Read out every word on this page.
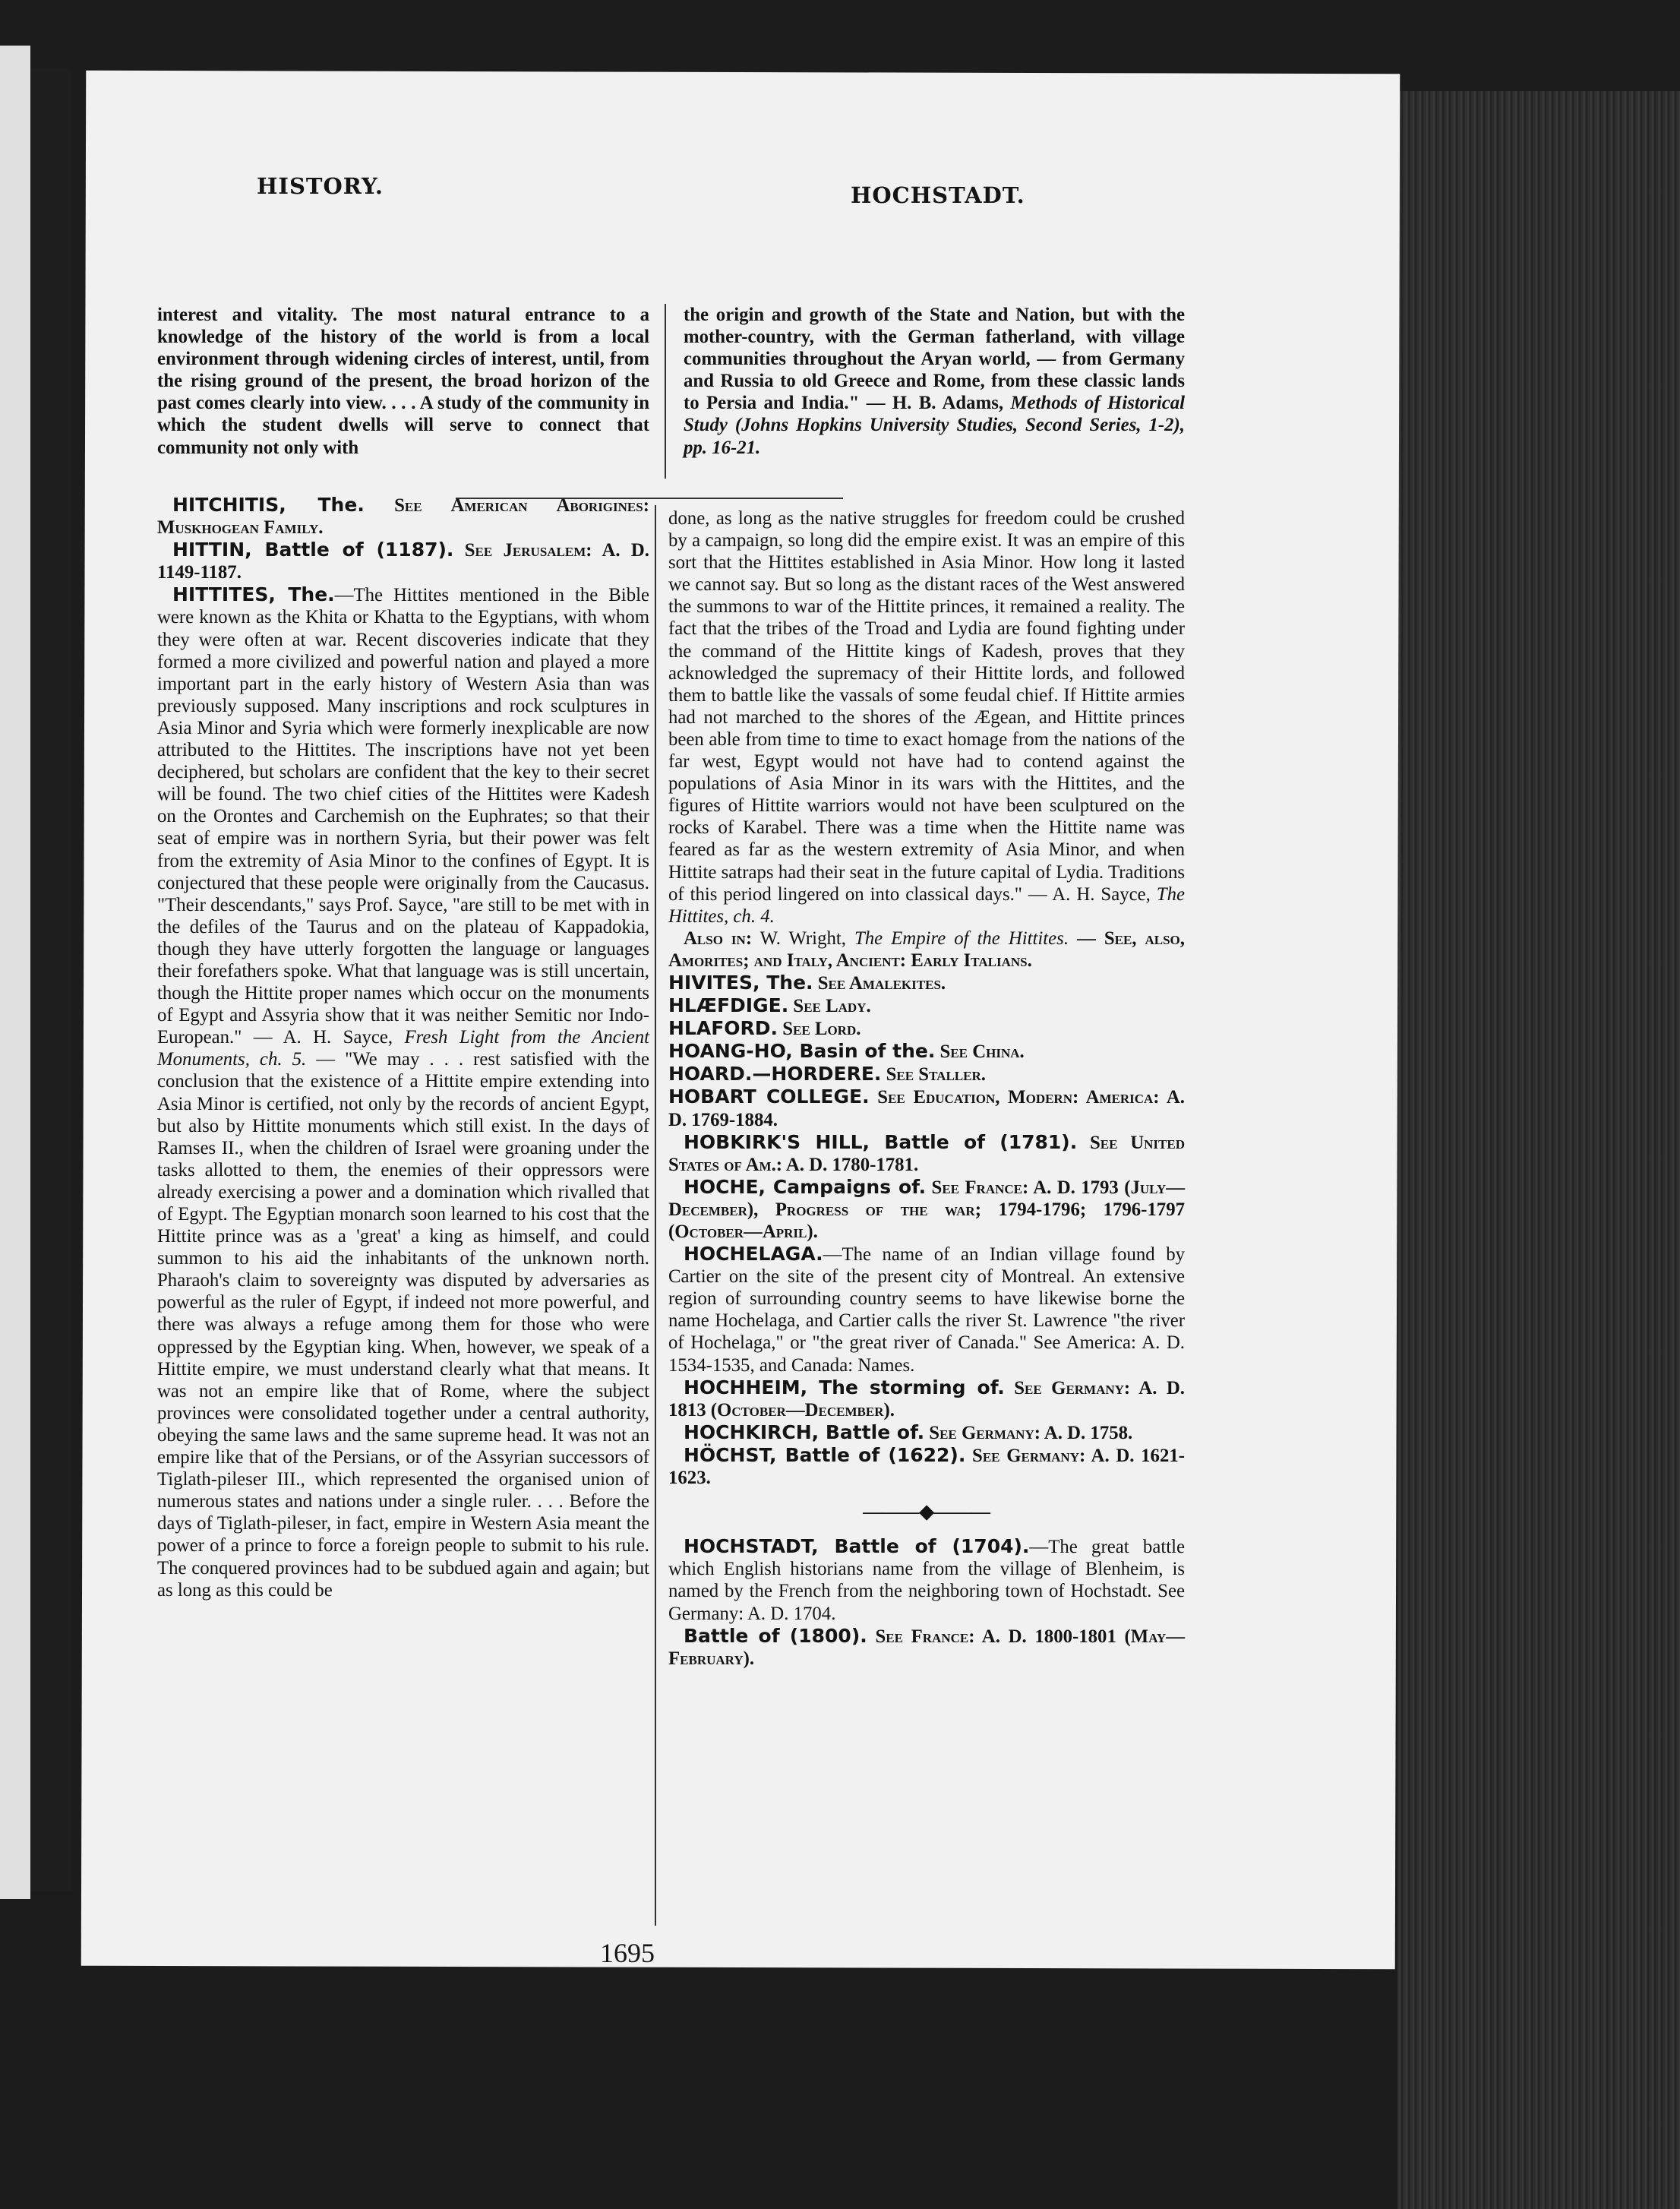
HISTORY.	HOCHSTADT.

interest and vitality. The most natural entrance to a knowledge of the history of the world is from a local environment through widening circles of interest, until, from the rising ground of the present, the broad horizon of the past comes clearly into view. . . . A study of the community in which the student dwells will serve to connect that community not only with

the origin and growth of the State and Nation, but with the mother-country, with the German fatherland, with village communities throughout the Aryan world, — from Germany and Russia to old Greece and Rome, from these classic lands to Persia and India." — H. B. Adams, Methods of Historical Study (Johns Hopkins University Studies, Second Series, 1-2), pp. 16-21.

HITCHITIS, The. See American Aborigines: Muskhogean Family.

HITTIN, Battle of (1187). See Jerusalem: A. D. 1149-1187.

HITTITES, The.—The Hittites mentioned in the Bible were known as the Khita or Khatta to the Egyptians, with whom they were often at war. Recent discoveries indicate that they formed a more civilized and powerful nation and played a more important part in the early history of Western Asia than was previously supposed. Many inscriptions and rock sculptures in Asia Minor and Syria which were formerly inexplicable are now attributed to the Hittites. The inscriptions have not yet been deciphered, but scholars are confident that the key to their secret will be found. The two chief cities of the Hittites were Kadesh on the Orontes and Carchemish on the Euphrates; so that their seat of empire was in northern Syria, but their power was felt from the extremity of Asia Minor to the confines of Egypt. It is conjectured that these people were originally from the Caucasus. "Their descendants," says Prof. Sayce, "are still to be met with in the defiles of the Taurus and on the plateau of Kappadokia, though they have utterly forgotten the language or languages their forefathers spoke. What that language was is still uncertain, though the Hittite proper names which occur on the monuments of Egypt and Assyria show that it was neither Semitic nor Indo-European." — A. H. Sayce, Fresh Light from the Ancient Monuments, ch. 5. — "We may . . . rest satisfied with the conclusion that the existence of a Hittite empire extending into Asia Minor is certified, not only by the records of ancient Egypt, but also by Hittite monuments which still exist. In the days of Ramses II., when the children of Israel were groaning under the tasks allotted to them, the enemies of their oppressors were already exercising a power and a domination which rivalled that of Egypt. The Egyptian monarch soon learned to his cost that the Hittite prince was as a 'great' a king as himself, and could summon to his aid the inhabitants of the unknown north. Pharaoh's claim to sovereignty was disputed by adversaries as powerful as the ruler of Egypt, if indeed not more powerful, and there was always a refuge among them for those who were oppressed by the Egyptian king. When, however, we speak of a Hittite empire, we must understand clearly what that means. It was not an empire like that of Rome, where the subject provinces were consolidated together under a central authority, obeying the same laws and the same supreme head. It was not an empire like that of the Persians, or of the Assyrian successors of Tiglath-pileser III., which represented the organised union of numerous states and nations under a single ruler. . . . Before the days of Tiglath-pileser, in fact, empire in Western Asia meant the power of a prince to force a foreign people to submit to his rule. The conquered provinces had to be subdued again and again; but as long as this could be

done, as long as the native struggles for freedom could be crushed by a campaign, so long did the empire exist. It was an empire of this sort that the Hittites established in Asia Minor. How long it lasted we cannot say. But so long as the distant races of the West answered the summons to war of the Hittite princes, it remained a reality. The fact that the tribes of the Troad and Lydia are found fighting under the command of the Hittite kings of Kadesh, proves that they acknowledged the supremacy of their Hittite lords, and followed them to battle like the vassals of some feudal chief. If Hittite armies had not marched to the shores of the Ægean, and Hittite princes been able from time to time to exact homage from the nations of the far west, Egypt would not have had to contend against the populations of Asia Minor in its wars with the Hittites, and the figures of Hittite warriors would not have been sculptured on the rocks of Karabel. There was a time when the Hittite name was feared as far as the western extremity of Asia Minor, and when Hittite satraps had their seat in the future capital of Lydia. Traditions of this period lingered on into classical days." — A. H. Sayce, The Hittites, ch. 4.

Also in: W. Wright, The Empire of the Hittites. — See, also, Amorites; and Italy, Ancient: Early Italians.

HIVITES, The. See Amalekites.

HLÆFDIGE. See Lady.

HLAFORD. See Lord.

HOANG-HO, Basin of the. See China.

HOARD.—HORDERE. See Staller.

HOBART COLLEGE. See Education, Modern: America: A. D. 1769-1884.

HOBKIRK'S HILL, Battle of (1781). See United States of Am.: A. D. 1780-1781.

HOCHE, Campaigns of. See France: A. D. 1793 (July—December), Progress of the war; 1794-1796; 1796-1797 (October—April).

HOCHELAGA.—The name of an Indian village found by Cartier on the site of the present city of Montreal. An extensive region of surrounding country seems to have likewise borne the name Hochelaga, and Cartier calls the river St. Lawrence "the river of Hochelaga," or "the great river of Canada." See America: A. D. 1534-1535, and Canada: Names.

HOCHHEIM, The storming of. See Germany: A. D. 1813 (October—December).

HOCHKIRCH, Battle of. See Germany: A. D. 1758.

HÖCHST, Battle of (1622). See Germany: A. D. 1621-1623.

———◆———

HOCHSTADT, Battle of (1704).—The great battle which English historians name from the village of Blenheim, is named by the French from the neighboring town of Hochstadt. See Germany: A. D. 1704.

Battle of (1800). See France: A. D. 1800-1801 (May—February).

1695
